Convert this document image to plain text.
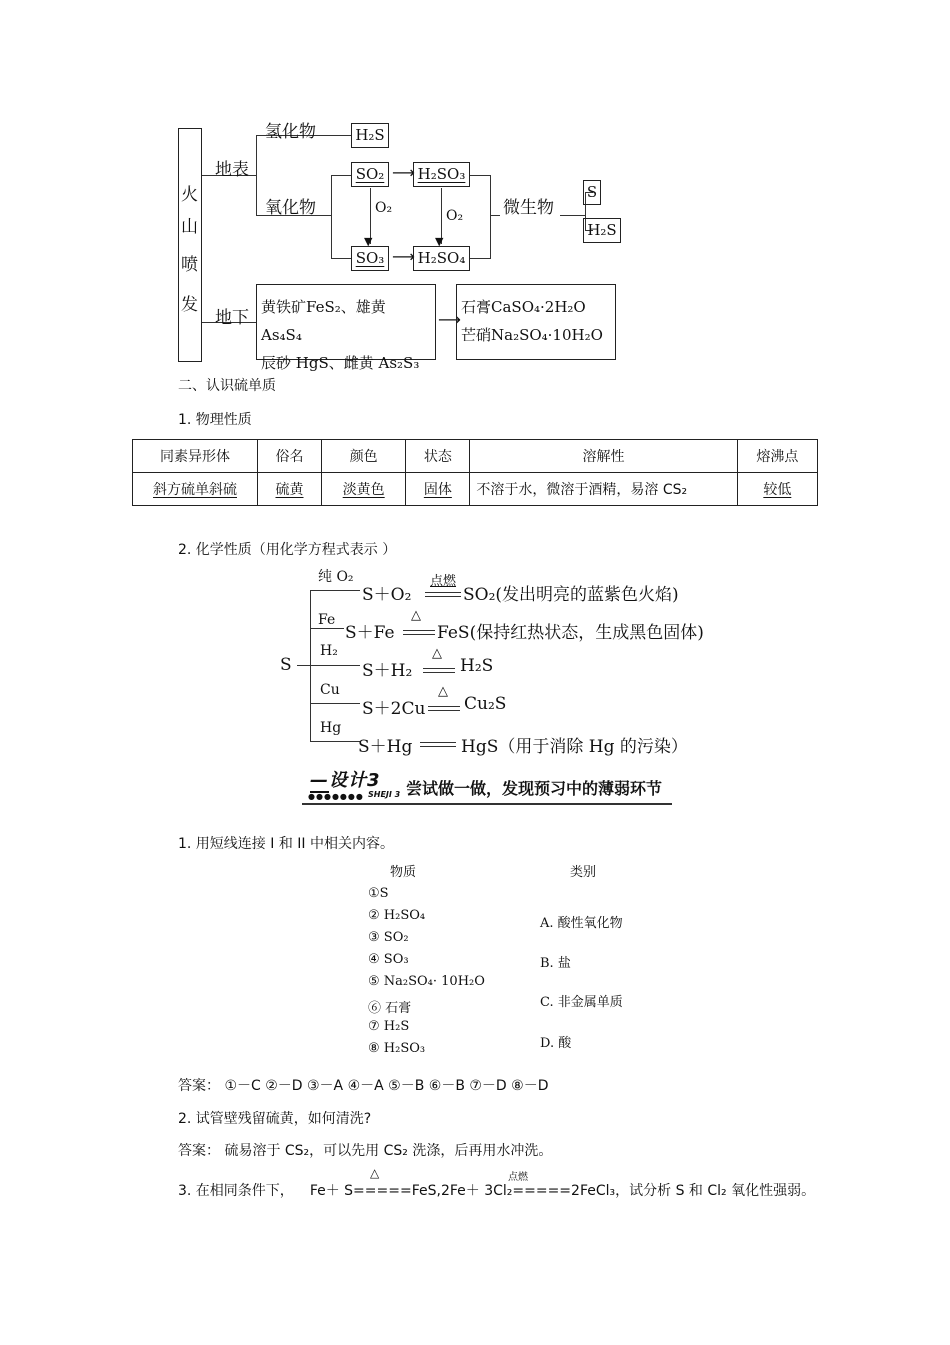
火
山
喷
发
地表
地下
氢化物
氧化物
H₂S
SO₂ ⟶ H₂SO₃
▼
O₂
▼
O₂
SO₃ ⟶ H₂SO₄
微生物
S
H₂S
黄铁矿FeS₂、雄黄 As₄S₄
辰砂 HgS、雌黄 As₂S₃
⟶
石膏CaSO₄·2H₂O
芒硝Na₂SO₄·10H₂O
二、认识硫单质
1. 物理性质
同素异形体	俗名	颜色	状态	溶解性	熔沸点
斜方硫单斜硫	硫黄	淡黄色	固体	不溶于水，微溶于酒精，易溶 CS₂	较低
2. 化学性质（用化学方程式表示 ）
S
纯 O₂
S＋O₂
点燃
SO₂(发出明亮的蓝紫色火焰)
Fe
S＋Fe
△
FeS(保持红热状态，生成黑色固体)
H₂
S＋H₂
△
H₂S
Cu
S＋2Cu
△
Cu₂S
Hg
S＋Hg	HgS（用于消除 Hg 的污染）
—设计3
●●●●●●● SHEJI 3 尝试做一做，发现预习中的薄弱环节
1. 用短线连接 I 和 II 中相关内容。
物质	类别
①S
② H₂SO₄
③ SO₂
④ SO₃
⑤ Na₂SO₄· 10H₂O
⑥ 石膏
⑦ H₂S
⑧ H₂SO₃
A. 酸性氧化物
B. 盐
C. 非金属单质
D. 酸
答案： ①－C ②－D ③－A ④－A ⑤－B ⑥－B ⑦－D ⑧－D
2. 试管壁残留硫黄，如何清洗?
答案： 硫易溶于 CS₂，可以先用 CS₂ 洗涤，后再用水冲洗。
△	点燃
3. 在相同条件下， Fe＋ S=====FeS,2Fe＋ 3Cl₂=====2FeCl₃，试分析 S 和 Cl₂ 氧化性强弱。
